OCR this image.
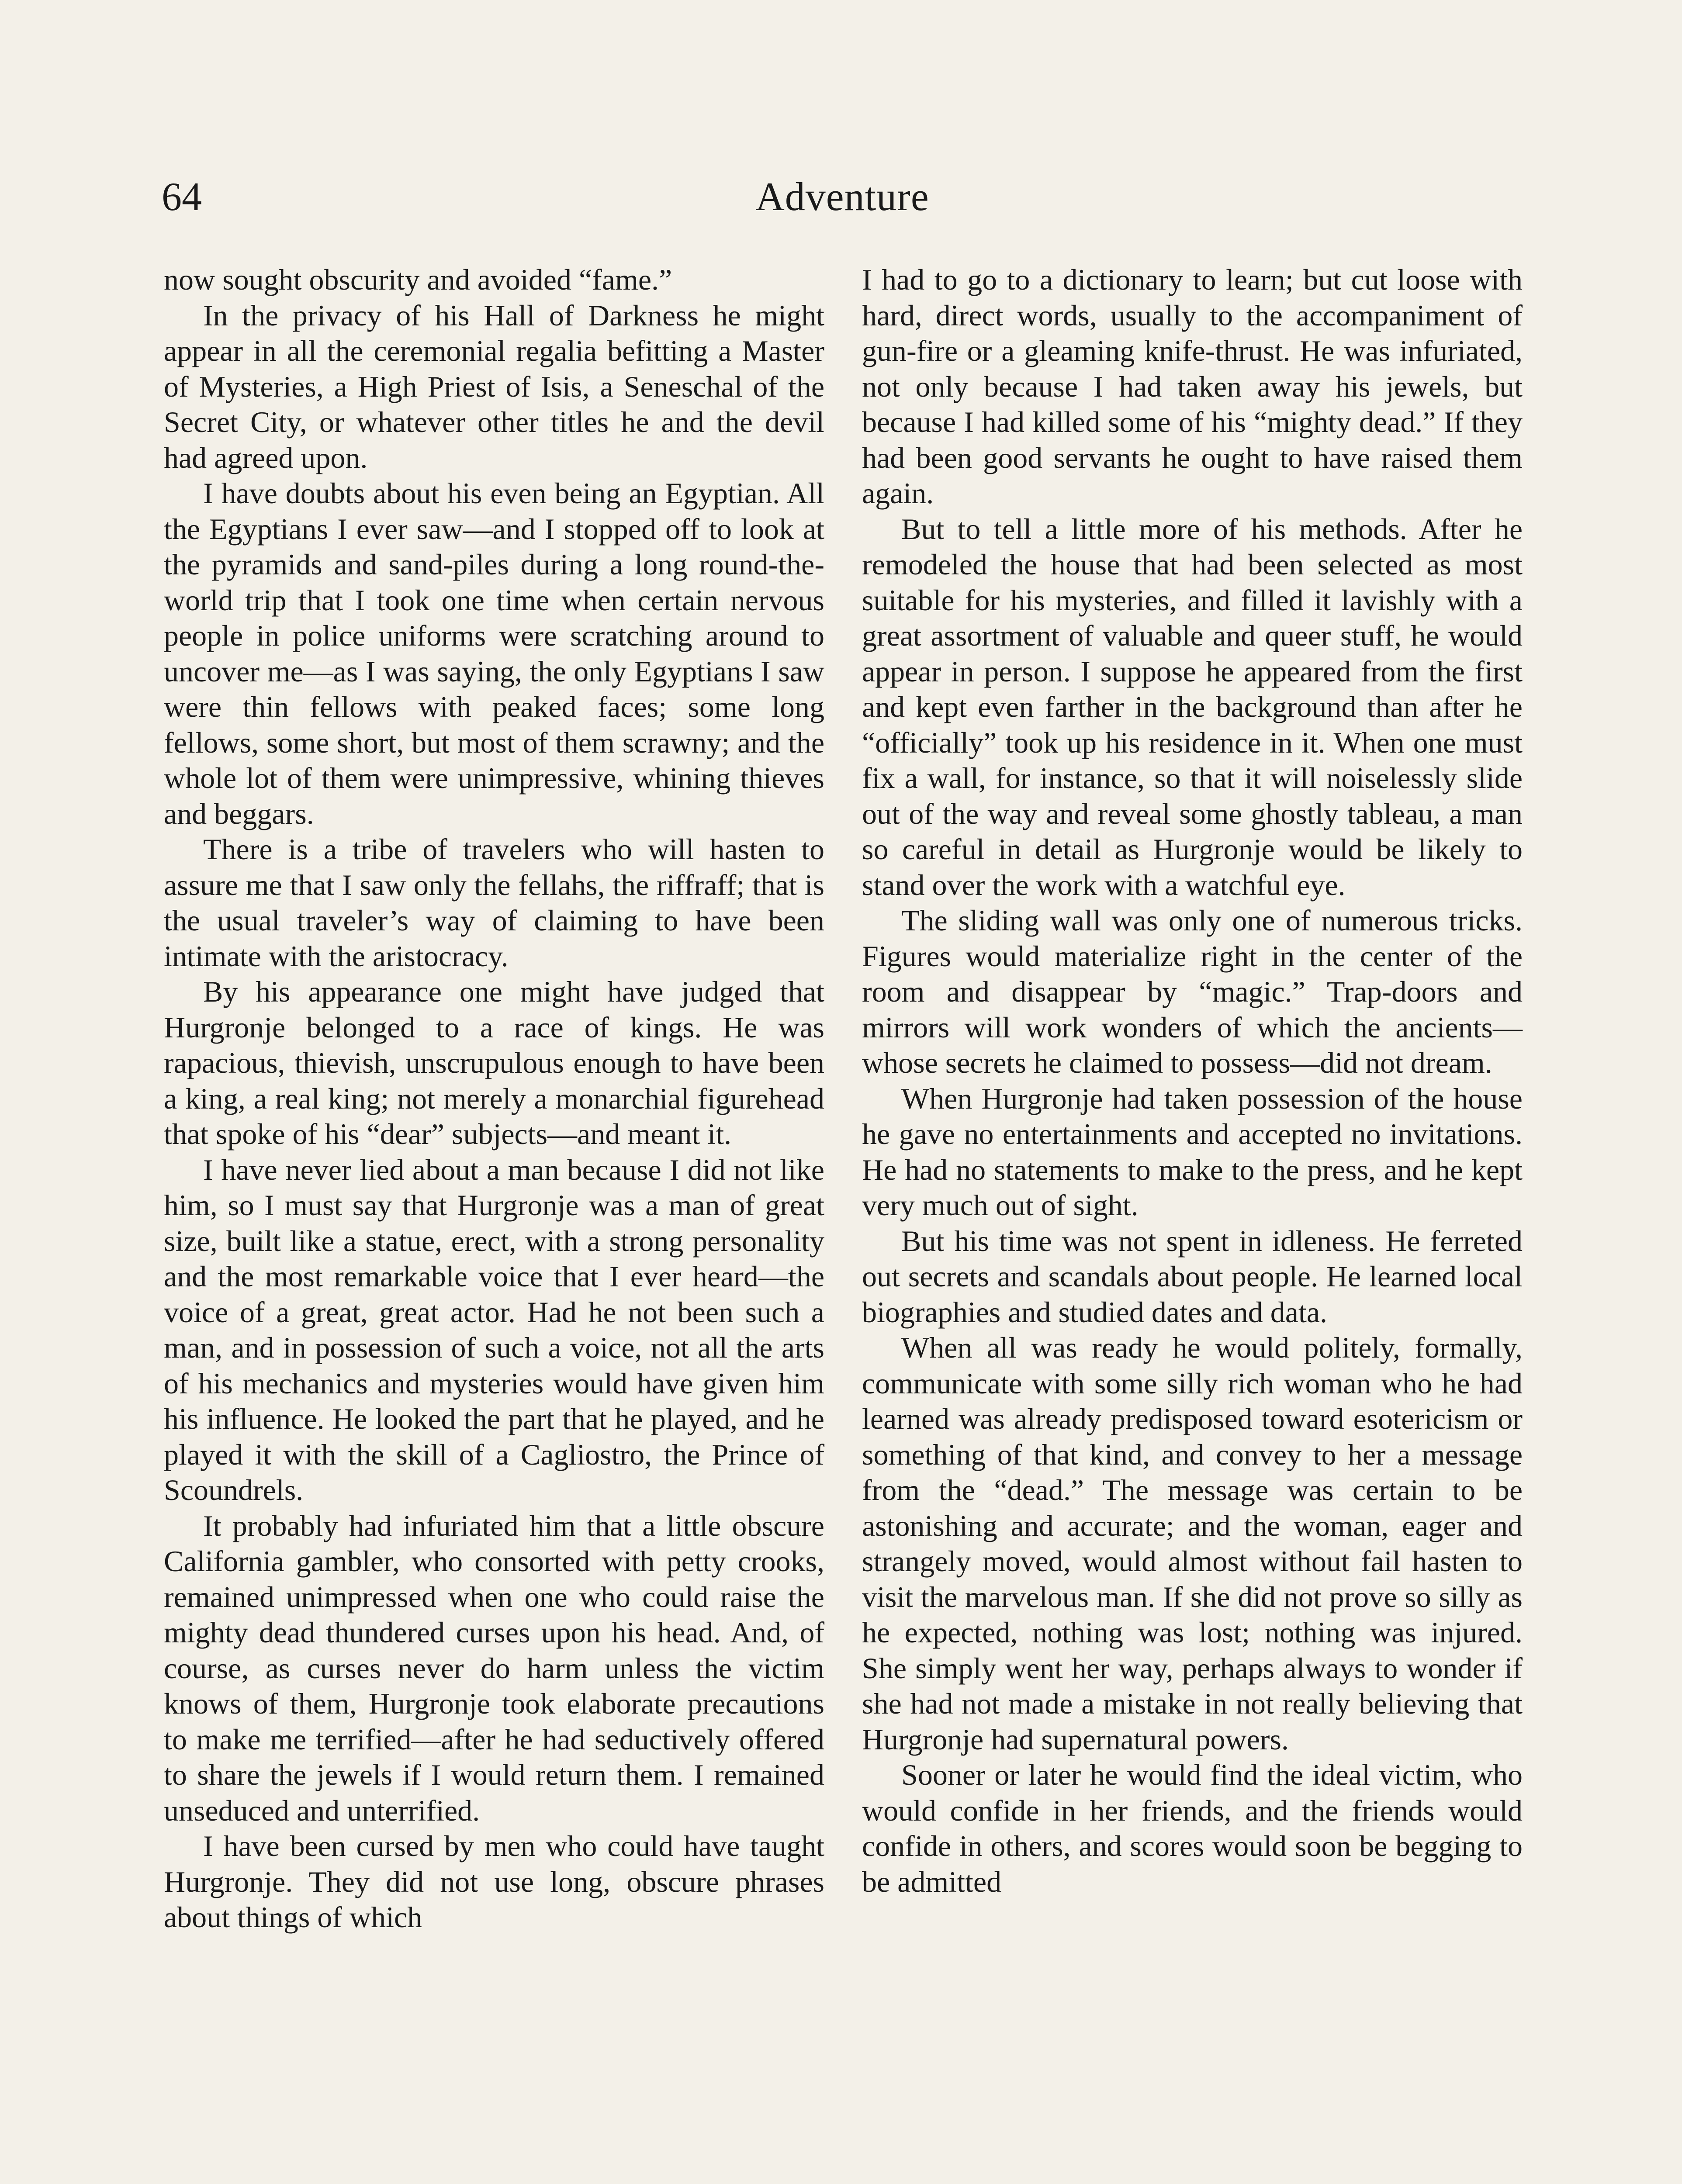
Adventure
64

now sought obscurity and avoided “fame.”

In the privacy of his Hall of Darkness he might appear in all the ceremonial regalia befitting a Master of Mysteries, a High Priest of Isis, a Seneschal of the Secret City, or whatever other titles he and the devil had agreed upon.

I have doubts about his even being an Egyptian. All the Egyptians I ever saw—and I stopped off to look at the pyramids and sand-piles during a long round-the-world trip that I took one time when certain nervous people in police uniforms were scratching around to uncover me—as I was saying, the only Egyptians I saw were thin fellows with peaked faces; some long fellows, some short, but most of them scrawny; and the whole lot of them were unimpressive, whining thieves and beggars.

There is a tribe of travelers who will hasten to assure me that I saw only the fellahs, the riffraff; that is the usual traveler’s way of claiming to have been intimate with the aristocracy.

By his appearance one might have judged that Hurgronje belonged to a race of kings. He was rapacious, thievish, unscrupulous enough to have been a king, a real king; not merely a monarchial figurehead that spoke of his “dear” subjects—and meant it.

I have never lied about a man because I did not like him, so I must say that Hurgronje was a man of great size, built like a statue, erect, with a strong personality and the most remarkable voice that I ever heard—the voice of a great, great actor. Had he not been such a man, and in possession of such a voice, not all the arts of his mechanics and mysteries would have given him his influence. He looked the part that he played, and he played it with the skill of a Cagliostro, the Prince of Scoundrels.

It probably had infuriated him that a little obscure California gambler, who consorted with petty crooks, remained unimpressed when one who could raise the mighty dead thundered curses upon his head. And, of course, as curses never do harm unless the victim knows of them, Hurgronje took elaborate precautions to make me terrified—after he had seductively offered to share the jewels if I would return them. I remained unseduced and unterrified.

I have been cursed by men who could have taught Hurgronje. They did not use long, obscure phrases about things of which

I had to go to a dictionary to learn; but cut loose with hard, direct words, usually to the accompaniment of gun-fire or a gleaming knife-thrust. He was infuriated, not only because I had taken away his jewels, but because I had killed some of his “mighty dead.” If they had been good servants he ought to have raised them again.

But to tell a little more of his methods. After he remodeled the house that had been selected as most suitable for his mysteries, and filled it lavishly with a great assortment of valuable and queer stuff, he would appear in person. I suppose he appeared from the first and kept even farther in the background than after he “officially” took up his residence in it. When one must fix a wall, for instance, so that it will noiselessly slide out of the way and reveal some ghostly tableau, a man so careful in detail as Hurgronje would be likely to stand over the work with a watchful eye.

The sliding wall was only one of numerous tricks. Figures would materialize right in the center of the room and disappear by “magic.” Trap-doors and mirrors will work wonders of which the ancients—whose secrets he claimed to possess—did not dream.

When Hurgronje had taken possession of the house he gave no entertainments and accepted no invitations. He had no statements to make to the press, and he kept very much out of sight.

But his time was not spent in idleness. He ferreted out secrets and scandals about people. He learned local biographies and studied dates and data.

When all was ready he would politely, formally, communicate with some silly rich woman who he had learned was already predisposed toward esotericism or something of that kind, and convey to her a message from the “dead.” The message was certain to be astonishing and accurate; and the woman, eager and strangely moved, would almost without fail hasten to visit the marvelous man. If she did not prove so silly as he expected, nothing was lost; nothing was injured. She simply went her way, perhaps always to wonder if she had not made a mistake in not really believing that Hurgronje had supernatural powers.

Sooner or later he would find the ideal victim, who would confide in her friends, and the friends would confide in others, and scores would soon be begging to be admitted
